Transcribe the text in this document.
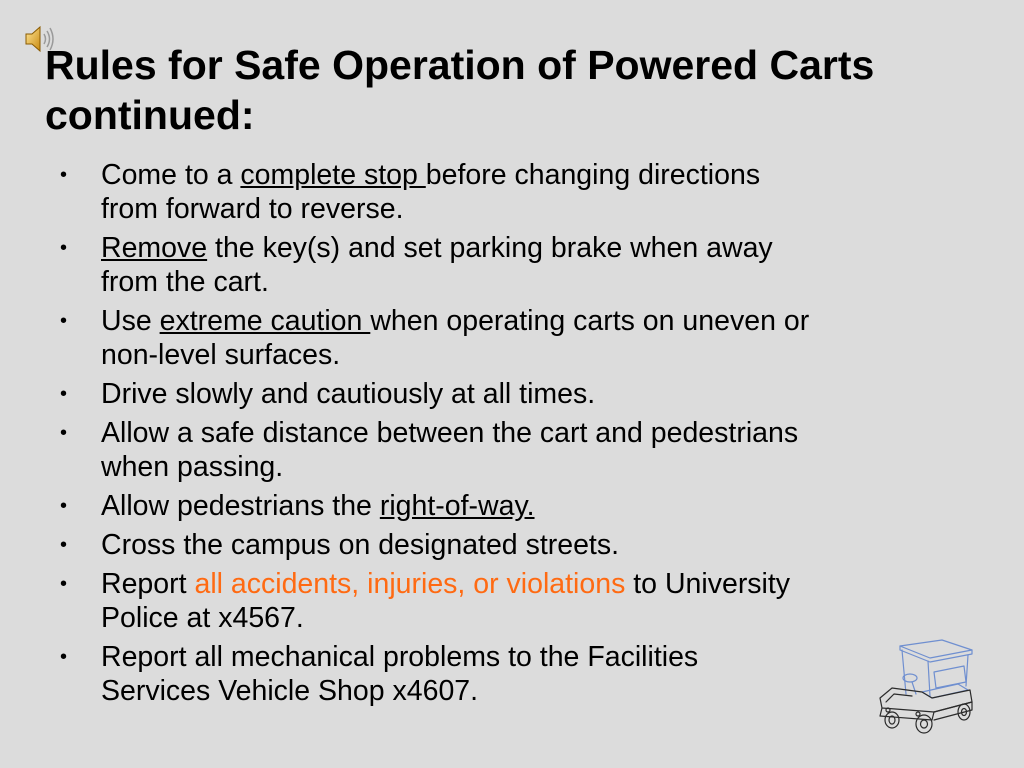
Rules for Safe Operation of Powered Carts
continued:
• Come to a complete stop before changing directions
from forward to reverse.
• Remove the key(s) and set parking brake when away
from the cart.
• Use extreme caution when operating carts on uneven or
non-level surfaces.
• Drive slowly and cautiously at all times.
• Allow a safe distance between the cart and pedestrians
when passing.
• Allow pedestrians the right-of-way.
• Cross the campus on designated streets.
• Report all accidents, injuries, or violations to University
Police at x4567.
• Report all mechanical problems to the Facilities
Services Vehicle Shop x4607.
